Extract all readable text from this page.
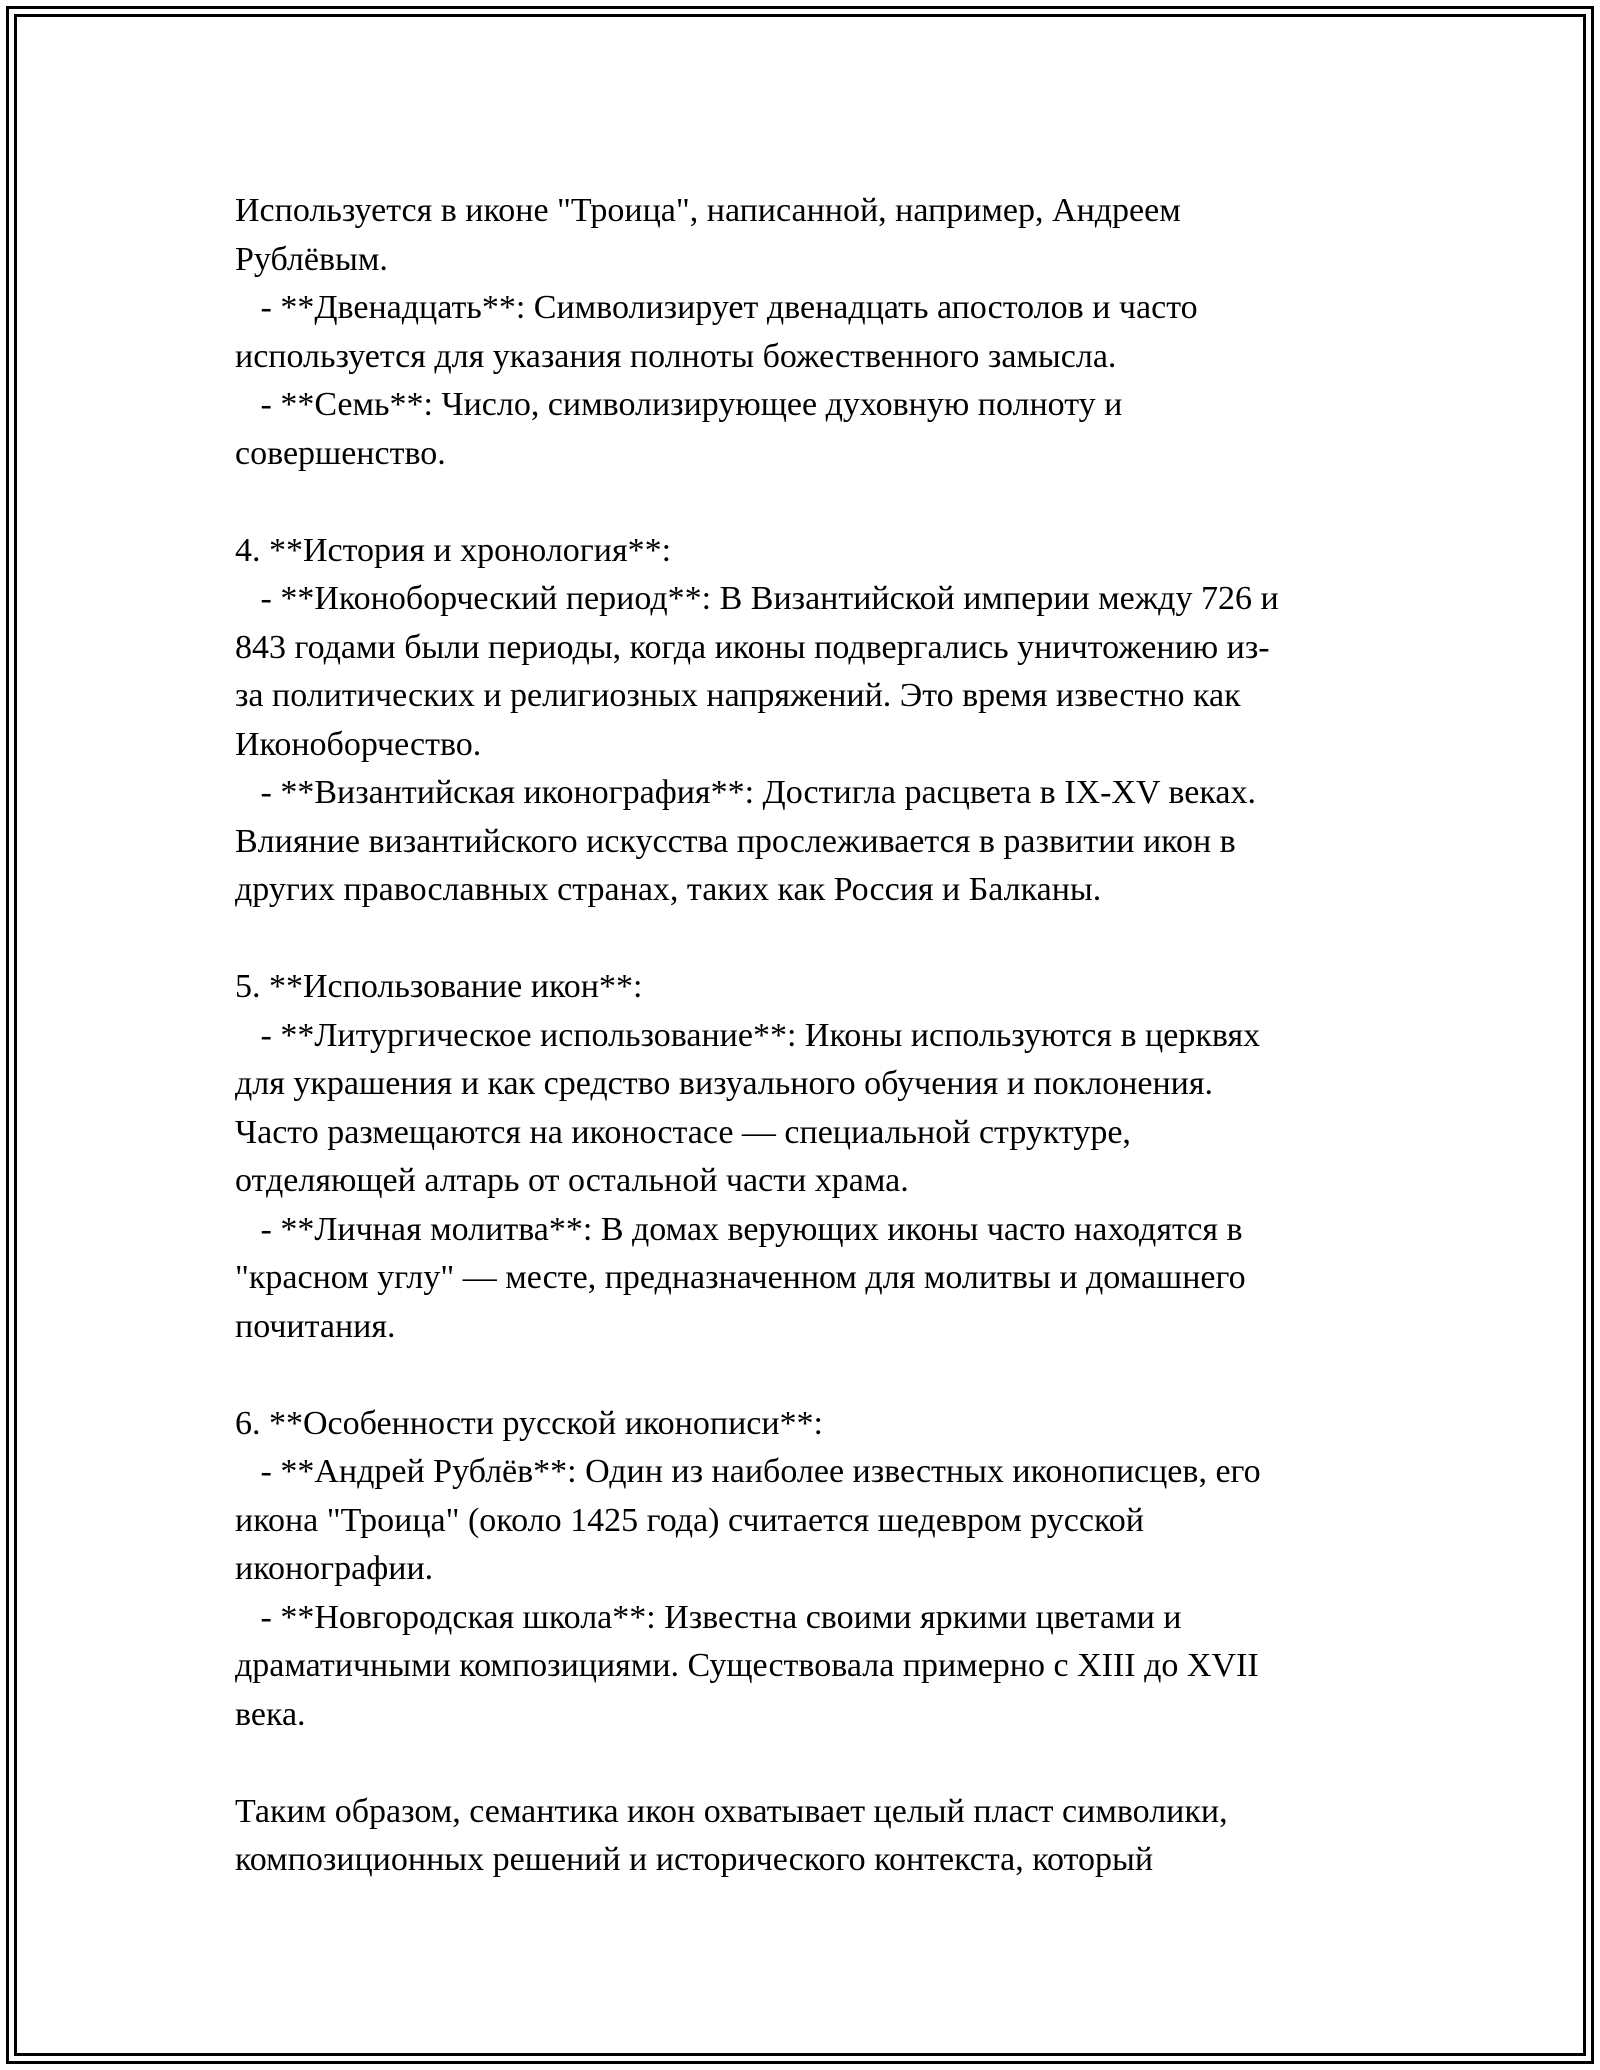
Используется в иконе "Троица", написанной, например, Андреем
Рублёвым.
- **Двенадцать**: Символизирует двенадцать апостолов и часто
используется для указания полноты божественного замысла.
- **Семь**: Число, символизирующее духовную полноту и
совершенство.
4. **История и хронология**:
- **Иконоборческий период**: В Византийской империи между 726 и
843 годами были периоды, когда иконы подвергались уничтожению из-
за политических и религиозных напряжений. Это время известно как
Иконоборчество.
- **Византийская иконография**: Достигла расцвета в IX-XV веках.
Влияние византийского искусства прослеживается в развитии икон в
других православных странах, таких как Россия и Балканы.
5. **Использование икон**:
- **Литургическое использование**: Иконы используются в церквях
для украшения и как средство визуального обучения и поклонения.
Часто размещаются на иконостасе — специальной структуре,
отделяющей алтарь от остальной части храма.
- **Личная молитва**: В домах верующих иконы часто находятся в
"красном углу" — месте, предназначенном для молитвы и домашнего
почитания.
6. **Особенности русской иконописи**:
- **Андрей Рублёв**: Один из наиболее известных иконописцев, его
икона "Троица" (около 1425 года) считается шедевром русской
иконографии.
- **Новгородская школа**: Известна своими яркими цветами и
драматичными композициями. Существовала примерно с XIII до XVII
века.
Таким образом, семантика икон охватывает целый пласт символики,
композиционных решений и исторического контекста, который
